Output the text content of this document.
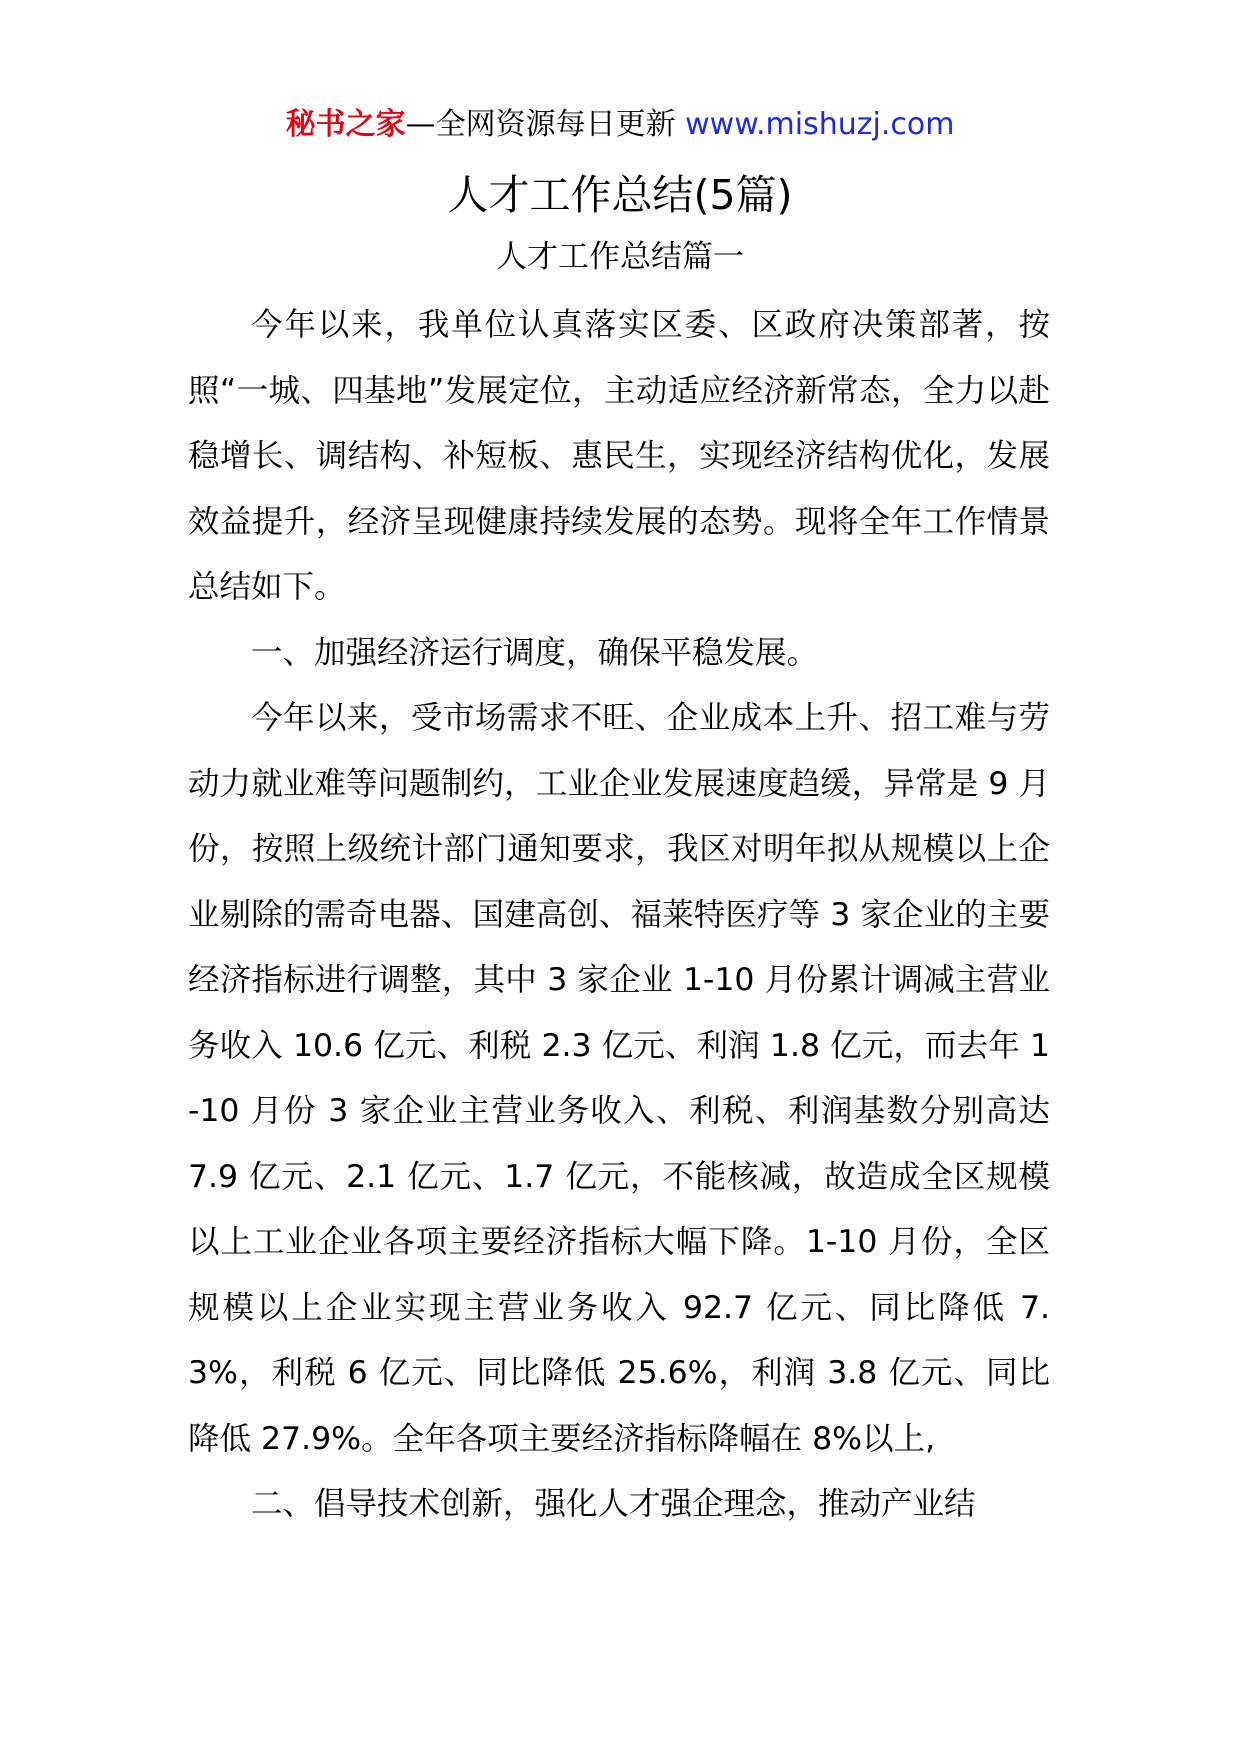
秘书之家—全网资源每日更新 www.mishuzj.com
人才工作总结(5篇)
人才工作总结篇一

今年以来，我单位认真落实区委、区政府决策部著，按照“一城、四基地”发展定位，主动适应经济新常态，全力以赴稳增长、调结构、补短板、惠民生，实现经济结构优化，发展效益提升，经济呈现健康持续发展的态势。现将全年工作情景总结如下。

一、加强经济运行调度，确保平稳发展。

今年以来，受市场需求不旺、企业成本上升、招工难与劳动力就业难等问题制约，工业企业发展速度趋缓，异常是 9 月份，按照上级统计部门通知要求，我区对明年拟从规模以上企业剔除的需奇电器、国建高创、福莱特医疗等 3 家企业的主要经济指标进行调整，其中 3 家企业 1-10 月份累计调减主营业务收入 10.6 亿元、利税 2.3 亿元、利润 1.8 亿元，而去年 1-10 月份 3 家企业主营业务收入、利税、利润基数分别高达 7.9 亿元、2.1 亿元、1.7 亿元，不能核减，故造成全区规模以上工业企业各项主要经济指标大幅下降。1-10 月份，全区规模以上企业实现主营业务收入 92.7 亿元、同比降低 7.3%，利税 6 亿元、同比降低 25.6%，利润 3.8 亿元、同比降低 27.9%。全年各项主要经济指标降幅在 8%以上,

二、倡导技术创新，强化人才强企理念，推动产业结
